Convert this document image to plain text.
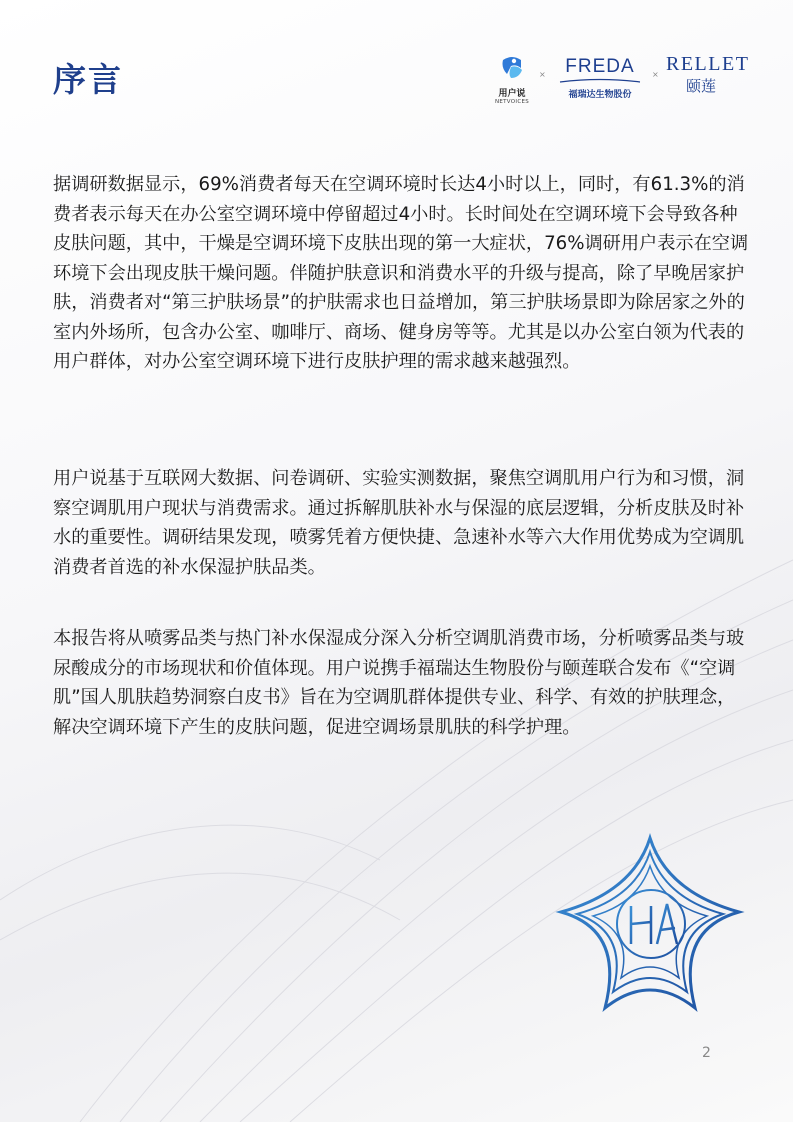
序言	用户说
NETVOICES
×	FREDA
福瑞达生物股份
× RELLET
颐莲

据调研数据显示，69%消费者每天在空调环境时长达4小时以上，同时，有61.3%的消费者表示每天在办公室空调环境中停留超过4小时。长时间处在空调环境下会导致各种皮肤问题，其中，干燥是空调环境下皮肤出现的第一大症状，76%调研用户表示在空调环境下会出现皮肤干燥问题。伴随护肤意识和消费水平的升级与提高，除了早晚居家护肤，消费者对“第三护肤场景”的护肤需求也日益增加，第三护肤场景即为除居家之外的室内外场所，包含办公室、咖啡厅、商场、健身房等等。尤其是以办公室白领为代表的用户群体，对办公室空调环境下进行皮肤护理的需求越来越强烈。

用户说基于互联网大数据、问卷调研、实验实测数据，聚焦空调肌用户行为和习惯，洞察空调肌用户现状与消费需求。通过拆解肌肤补水与保湿的底层逻辑，分析皮肤及时补水的重要性。调研结果发现，喷雾凭着方便快捷、急速补水等六大作用优势成为空调肌消费者首选的补水保湿护肤品类。

本报告将从喷雾品类与热门补水保湿成分深入分析空调肌消费市场，分析喷雾品类与玻尿酸成分的市场现状和价值体现。用户说携手福瑞达生物股份与颐莲联合发布《“空调肌”国人肌肤趋势洞察白皮书》旨在为空调肌群体提供专业、科学、有效的护肤理念，解决空调环境下产生的皮肤问题，促进空调场景肌肤的科学护理。

2
